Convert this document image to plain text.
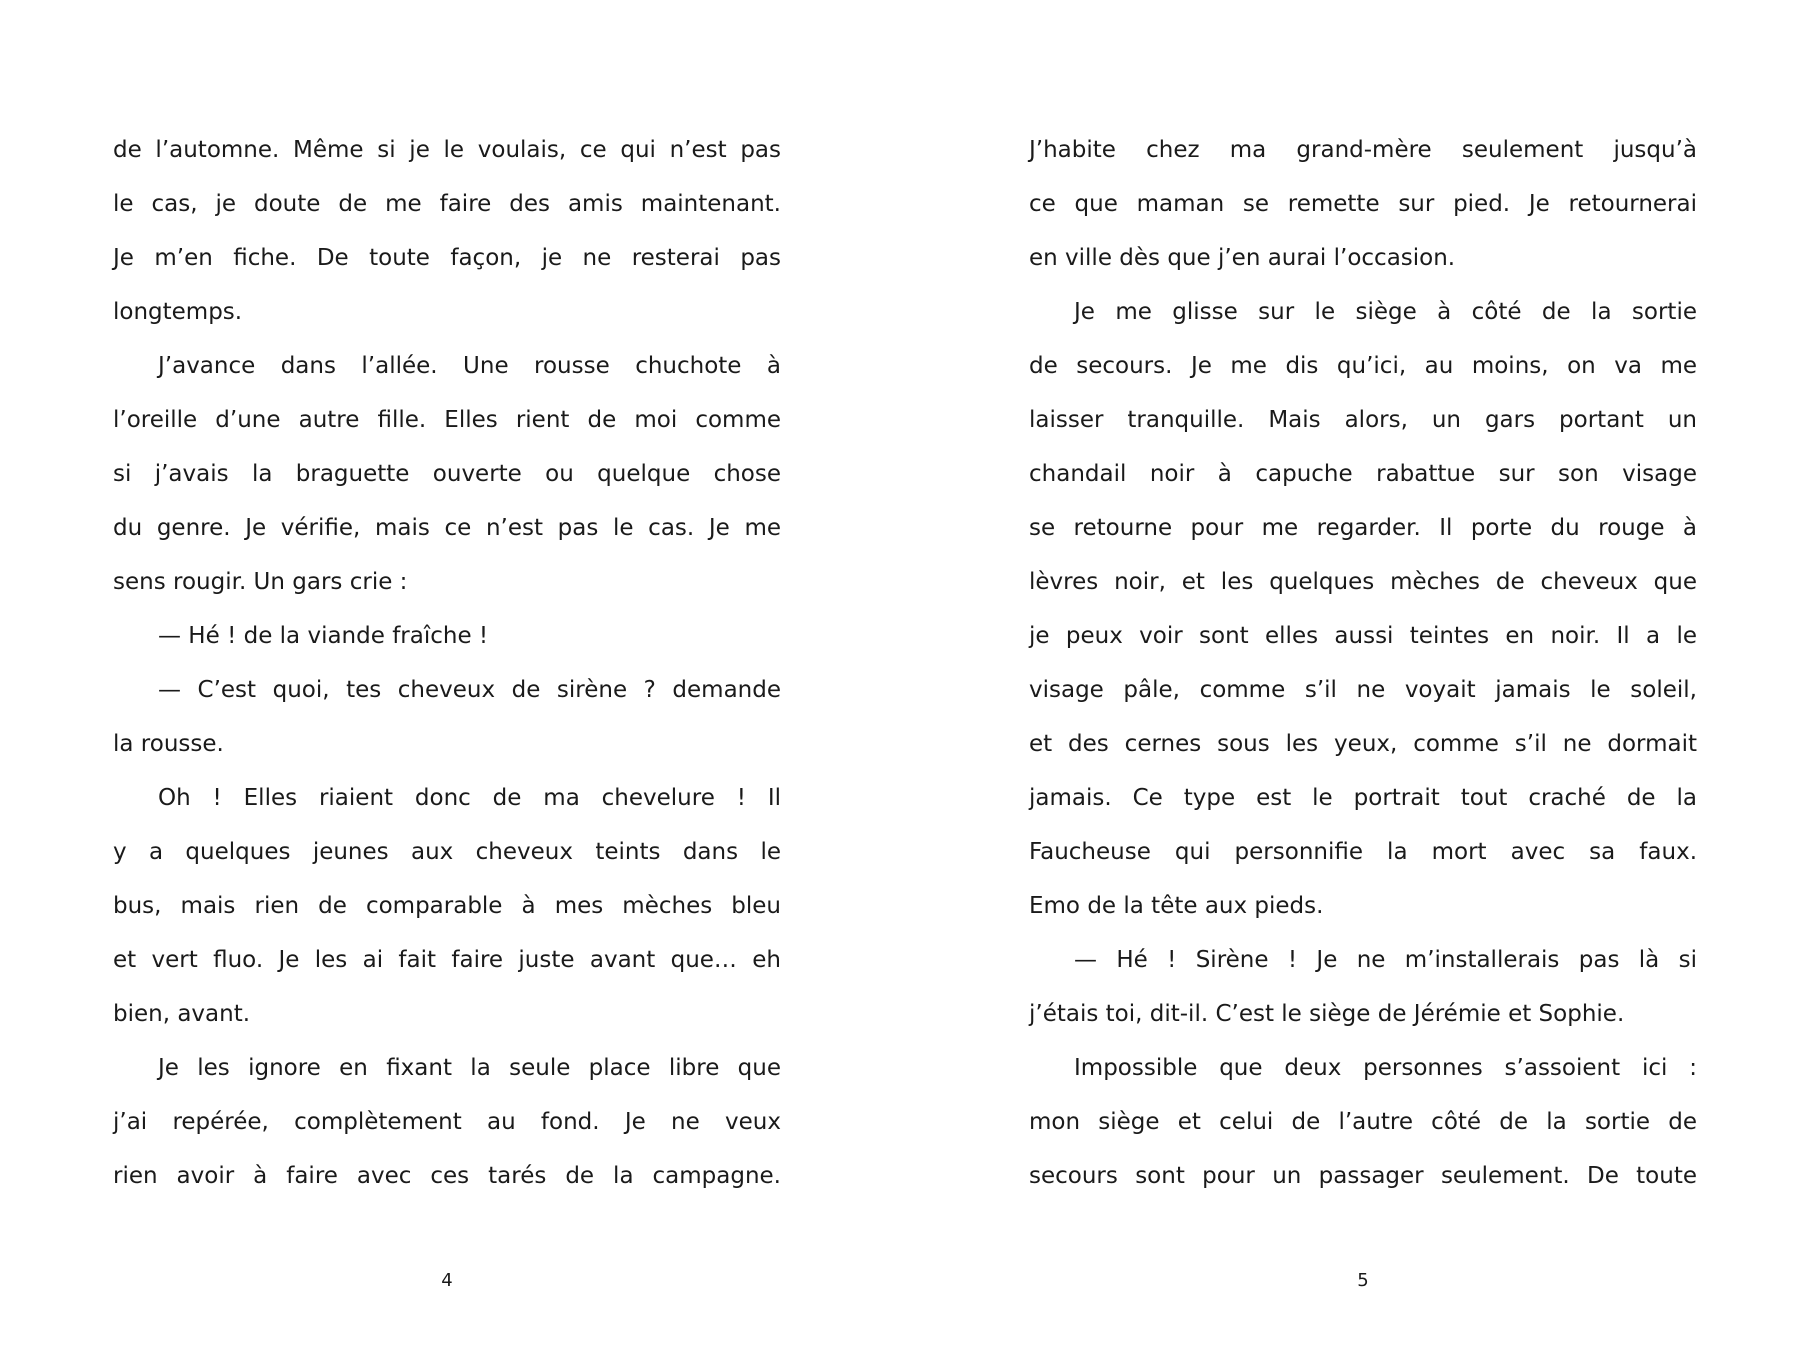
de l’automne. Même si je le voulais, ce qui n’est pas
le cas, je doute de me faire des amis maintenant.
Je m’en fiche. De toute façon, je ne resterai pas
longtemps.
J’avance dans l’allée. Une rousse chuchote à
l’oreille d’une autre fille. Elles rient de moi comme
si j’avais la braguette ouverte ou quelque chose
du genre. Je vérifie, mais ce n’est pas le cas. Je me
sens rougir. Un gars crie :
— Hé ! de la viande fraîche !
— C’est quoi, tes cheveux de sirène ? demande
la rousse.
Oh ! Elles riaient donc de ma chevelure ! Il
y a quelques jeunes aux cheveux teints dans le
bus, mais rien de comparable à mes mèches bleu
et vert fluo. Je les ai fait faire juste avant que… eh
bien, avant.
Je les ignore en fixant la seule place libre que
j’ai repérée, complètement au fond. Je ne veux
rien avoir à faire avec ces tarés de la campagne.
J’habite chez ma grand-mère seulement jusqu’à
ce que maman se remette sur pied. Je retournerai
en ville dès que j’en aurai l’occasion.
Je me glisse sur le siège à côté de la sortie
de secours. Je me dis qu’ici, au moins, on va me
laisser tranquille. Mais alors, un gars portant un
chandail noir à capuche rabattue sur son visage
se retourne pour me regarder. Il porte du rouge à
lèvres noir, et les quelques mèches de cheveux que
je peux voir sont elles aussi teintes en noir. Il a le
visage pâle, comme s’il ne voyait jamais le soleil,
et des cernes sous les yeux, comme s’il ne dormait
jamais. Ce type est le portrait tout craché de la
Faucheuse qui personnifie la mort avec sa faux.
Emo de la tête aux pieds.
— Hé ! Sirène ! Je ne m’installerais pas là si
j’étais toi, dit-il. C’est le siège de Jérémie et Sophie.
Impossible que deux personnes s’assoient ici :
mon siège et celui de l’autre côté de la sortie de
secours sont pour un passager seulement. De toute
4	5
